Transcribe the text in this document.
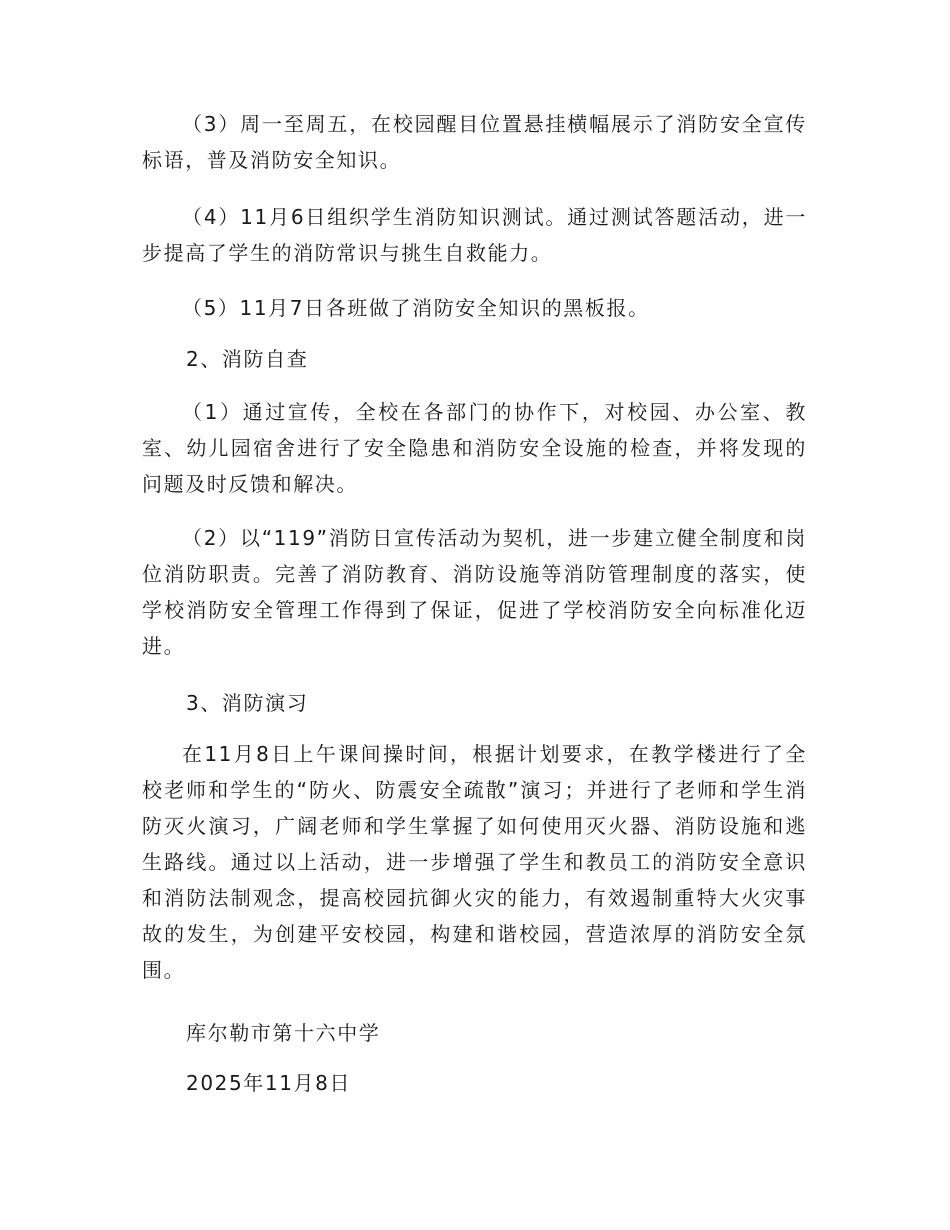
（3）周一至周五，在校园醒目位置悬挂横幅展示了消防安全宣传标语，普及消防安全知识。

（4）11月6日组织学生消防知识测试。通过测试答题活动，进一步提高了学生的消防常识与挑生自救能力。

（5）11月7日各班做了消防安全知识的黑板报。

2、消防自查

（1）通过宣传，全校在各部门的协作下，对校园、办公室、教室、幼儿园宿舍进行了安全隐患和消防安全设施的检查，并将发现的问题及时反馈和解决。

（2）以“119”消防日宣传活动为契机，进一步建立健全制度和岗位消防职责。完善了消防教育、消防设施等消防管理制度的落实，使学校消防安全管理工作得到了保证，促进了学校消防安全向标准化迈进。

3、消防演习

在11月8日上午课间操时间，根据计划要求，在教学楼进行了全校老师和学生的“防火、防震安全疏散”演习；并进行了老师和学生消防灭火演习，广阔老师和学生掌握了如何使用灭火器、消防设施和逃生路线。通过以上活动，进一步增强了学生和教员工的消防安全意识和消防法制观念，提高校园抗御火灾的能力，有效遏制重特大火灾事故的发生，为创建平安校园，构建和谐校园，营造浓厚的消防安全氛围。

库尔勒市第十六中学

2025年11月8日
